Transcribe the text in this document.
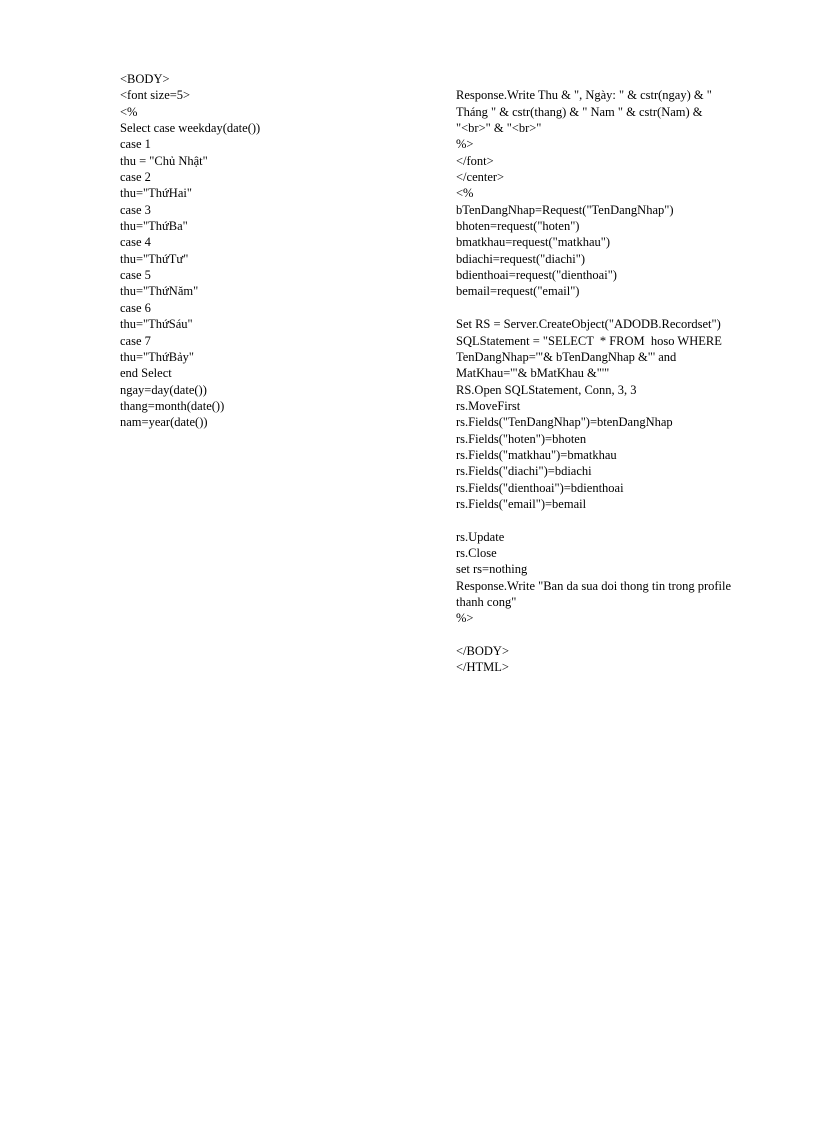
<BODY>
<font size=5>
<%
Select case weekday(date())
case 1
thu = "Chủ Nhật"
case 2
thu="ThứHai"
case 3
thu="ThứBa"
case 4
thu="ThứTư"
case 5
thu="ThứNăm"
case 6
thu="ThứSáu"
case 7
thu="ThứBảy"
end Select
ngay=day(date())
thang=month(date())
nam=year(date())
Response.Write Thu & ", Ngày: " & cstr(ngay) & "
Tháng " & cstr(thang) & " Nam " & cstr(Nam) &
"<br>" & "<br>"
%>
</font>
</center>
<%
bTenDangNhap=Request("TenDangNhap")
bhoten=request("hoten")
bmatkhau=request("matkhau")
bdiachi=request("diachi")
bdienthoai=request("dienthoai")
bemail=request("email")
Set RS = Server.CreateObject("ADODB.Recordset")
SQLStatement = "SELECT  * FROM  hoso WHERE
TenDangNhap='"& bTenDangNhap &"' and
MatKhau='"& bMatKhau &"'"
RS.Open SQLStatement, Conn, 3, 3
rs.MoveFirst
rs.Fields("TenDangNhap")=btenDangNhap
rs.Fields("hoten")=bhoten
rs.Fields("matkhau")=bmatkhau
rs.Fields("diachi")=bdiachi
rs.Fields("dienthoai")=bdienthoai
rs.Fields("email")=bemail
rs.Update
rs.Close
set rs=nothing
Response.Write "Ban da sua doi thong tin trong profile
thanh cong"
%>
</BODY>
</HTML>
